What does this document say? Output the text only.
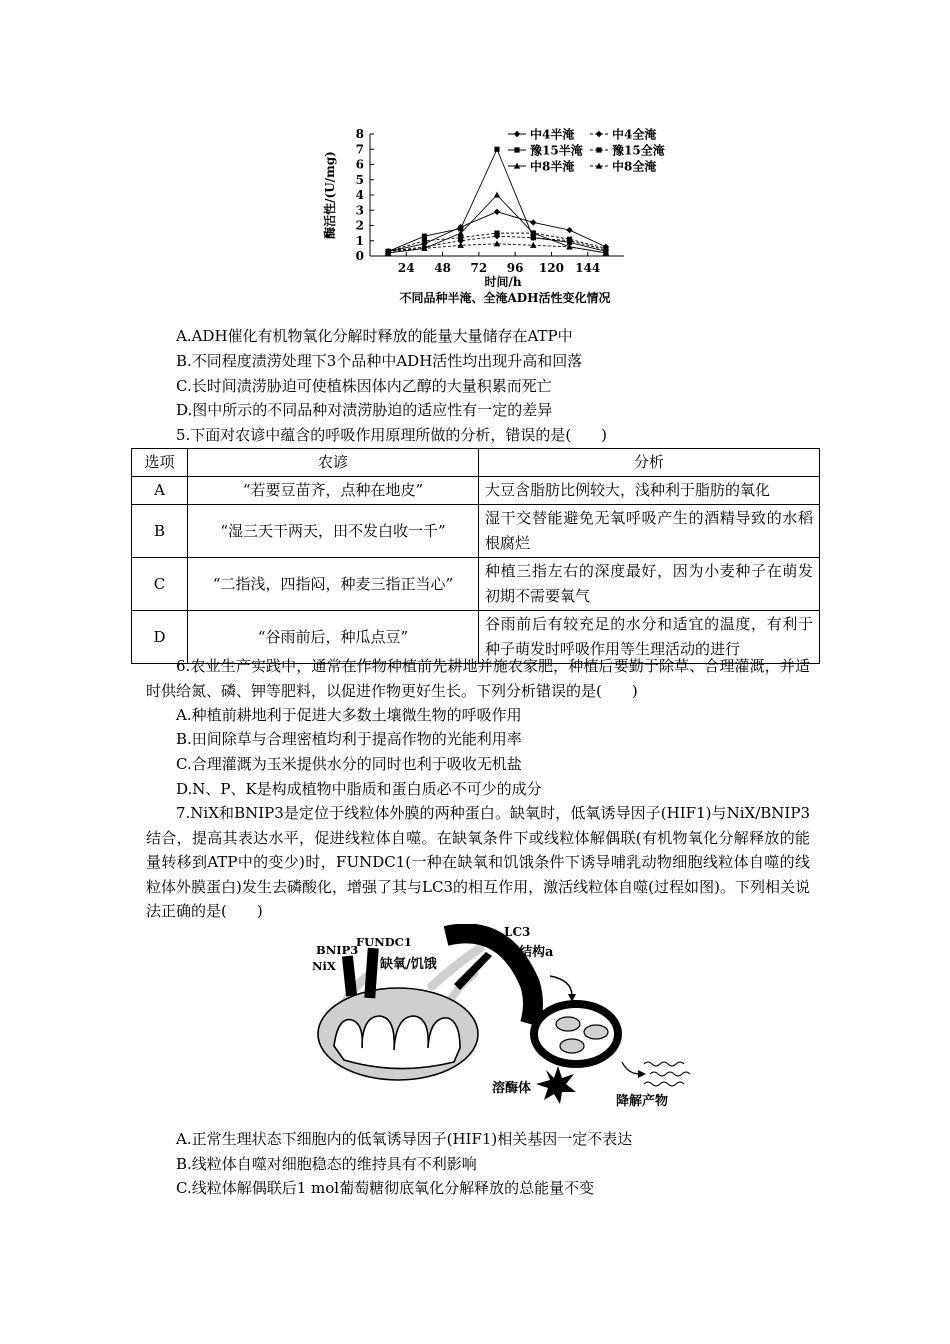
0
1
2
3
4
5
6
7
8
24 48 72 96 120 144
时间/h
酶活性/(U/mg)
不同品种半淹、全淹ADH活性变化情况
中4半淹	中4全淹
豫15半淹 豫15全淹
中8半淹	中8全淹
A.ADH催化有机物氧化分解时释放的能量大量储存在ATP中
B.不同程度渍涝处理下3个品种中ADH活性均出现升高和回落
C.长时间渍涝胁迫可使植株因体内乙醇的大量积累而死亡
D.图中所示的不同品种对渍涝胁迫的适应性有一定的差异
5.下面对农谚中蕴含的呼吸作用原理所做的分析，错误的是(　　)
选项	农谚	分析
A	“若要豆苗齐，点种在地皮”	大豆含脂肪比例较大，浅种利于脂肪的氧化
B	“湿三天干两天，田不发白收一千”	湿干交替能避免无氧呼吸产生的酒精导致的水稻根腐烂
C	“二指浅，四指闷，种麦三指正当心”	种植三指左右的深度最好，因为小麦种子在萌发初期不需要氧气
D	“谷雨前后，种瓜点豆”	谷雨前后有较充足的水分和适宜的温度，有利于种子萌发时呼吸作用等生理活动的进行
6.农业生产实践中，通常在作物种植前先耕地并施农家肥，种植后要勤于除草、合理灌溉，并适时供给氮、磷、钾等肥料，以促进作物更好生长。下列分析错误的是(　　)
A.种植前耕地利于促进大多数土壤微生物的呼吸作用
B.田间除草与合理密植均利于提高作物的光能利用率
C.合理灌溉为玉米提供水分的同时也利于吸收无机盐
D.N、P、K是构成植物中脂质和蛋白质必不可少的成分
7.NiX和BNIP3是定位于线粒体外膜的两种蛋白。缺氧时，低氧诱导因子(HIF1)与NiX/BNIP3结合，提高其表达水平，促进线粒体自噬。在缺氧条件下或线粒体解偶联(有机物氧化分解释放的能量转移到ATP中的变少)时，FUNDC1(一种在缺氧和饥饿条件下诱导哺乳动物细胞线粒体自噬的线粒体外膜蛋白)发生去磷酸化，增强了其与LC3的相互作用，激活线粒体自噬(过程如图)。下列相关说法正确的是(　　)
BNIP3
FUNDC1
NiX	缺氧/饥饿
LC3
膜结构a
溶酶体
降解产物
A.正常生理状态下细胞内的低氧诱导因子(HIF1)相关基因一定不表达
B.线粒体自噬对细胞稳态的维持具有不利影响
C.线粒体解偶联后1 mol葡萄糖彻底氧化分解释放的总能量不变
